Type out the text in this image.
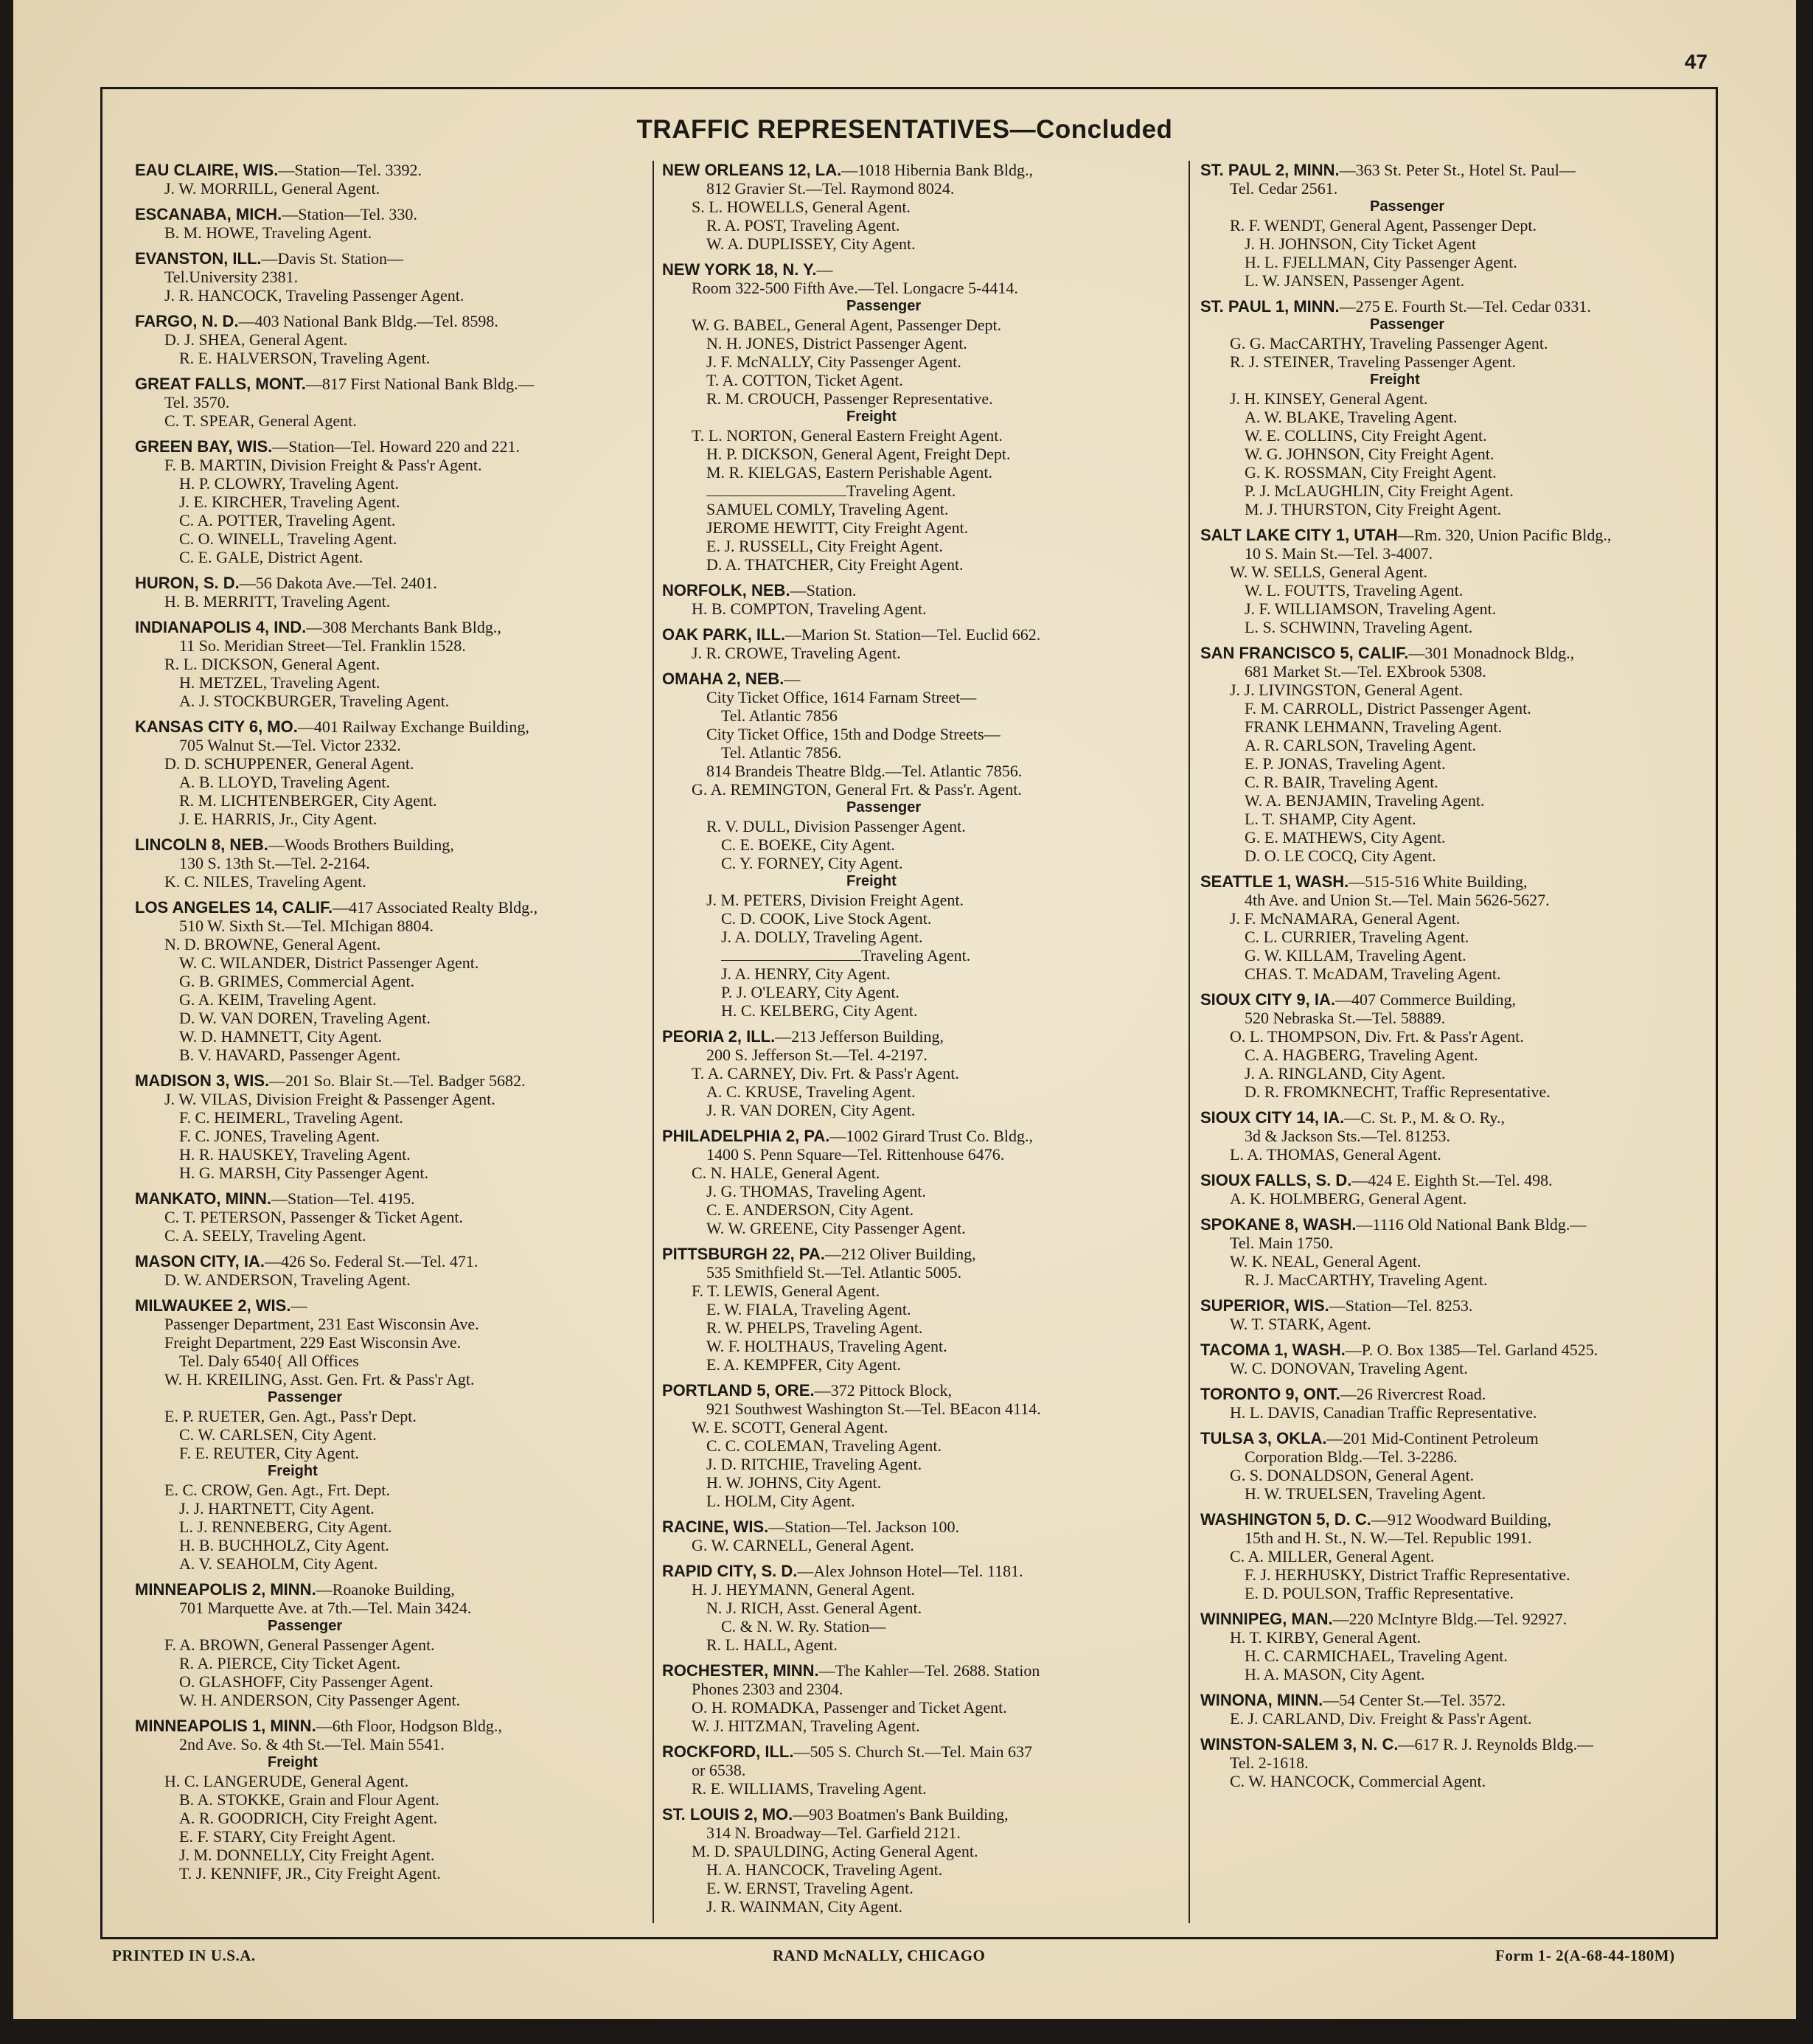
47
TRAFFIC REPRESENTATIVES—Concluded
EAU CLAIRE, WIS.—Station—Tel. 3392.
J. W. MORRILL, General Agent.
ESCANABA, MICH.—Station—Tel. 330.
B. M. HOWE, Traveling Agent.
EVANSTON, ILL.—Davis St. Station—
Tel.University 2381.
J. R. HANCOCK, Traveling Passenger Agent.
FARGO, N. D.—403 National Bank Bldg.—Tel. 8598.
D. J. SHEA, General Agent.
R. E. HALVERSON, Traveling Agent.
GREAT FALLS, MONT.—817 First National Bank Bldg.—
Tel. 3570.
C. T. SPEAR, General Agent.
GREEN BAY, WIS.—Station—Tel. Howard 220 and 221.
F. B. MARTIN, Division Freight & Pass'r Agent.
H. P. CLOWRY, Traveling Agent.
J. E. KIRCHER, Traveling Agent.
C. A. POTTER, Traveling Agent.
C. O. WINELL, Traveling Agent.
C. E. GALE, District Agent.
HURON, S. D.—56 Dakota Ave.—Tel. 2401.
H. B. MERRITT, Traveling Agent.
INDIANAPOLIS 4, IND.—308 Merchants Bank Bldg.,
11 So. Meridian Street—Tel. Franklin 1528.
R. L. DICKSON, General Agent.
H. METZEL, Traveling Agent.
A. J. STOCKBURGER, Traveling Agent.
KANSAS CITY 6, MO.—401 Railway Exchange Building,
705 Walnut St.—Tel. Victor 2332.
D. D. SCHUPPENER, General Agent.
A. B. LLOYD, Traveling Agent.
R. M. LICHTENBERGER, City Agent.
J. E. HARRIS, Jr., City Agent.
LINCOLN 8, NEB.—Woods Brothers Building,
130 S. 13th St.—Tel. 2-2164.
K. C. NILES, Traveling Agent.
LOS ANGELES 14, CALIF.—417 Associated Realty Bldg.,
510 W. Sixth St.—Tel. MIchigan 8804.
N. D. BROWNE, General Agent.
W. C. WILANDER, District Passenger Agent.
G. B. GRIMES, Commercial Agent.
G. A. KEIM, Traveling Agent.
D. W. VAN DOREN, Traveling Agent.
W. D. HAMNETT, City Agent.
B. V. HAVARD, Passenger Agent.
MADISON 3, WIS.—201 So. Blair St.—Tel. Badger 5682.
J. W. VILAS, Division Freight & Passenger Agent.
F. C. HEIMERL, Traveling Agent.
F. C. JONES, Traveling Agent.
H. R. HAUSKEY, Traveling Agent.
H. G. MARSH, City Passenger Agent.
MANKATO, MINN.—Station—Tel. 4195.
C. T. PETERSON, Passenger & Ticket Agent.
C. A. SEELY, Traveling Agent.
MASON CITY, IA.—426 So. Federal St.—Tel. 471.
D. W. ANDERSON, Traveling Agent.
MILWAUKEE 2, WIS.—
Passenger Department, 231 East Wisconsin Ave.
Freight Department, 229 East Wisconsin Ave.
Tel. Daly 6540{ All Offices
W. H. KREILING, Asst. Gen. Frt. & Pass'r Agt.
Passenger
E. P. RUETER, Gen. Agt., Pass'r Dept.
C. W. CARLSEN, City Agent.
F. E. REUTER, City Agent.
Freight
E. C. CROW, Gen. Agt., Frt. Dept.
J. J. HARTNETT, City Agent.
L. J. RENNEBERG, City Agent.
H. B. BUCHHOLZ, City Agent.
A. V. SEAHOLM, City Agent.
MINNEAPOLIS 2, MINN.—Roanoke Building,
701 Marquette Ave. at 7th.—Tel. Main 3424.
Passenger
F. A. BROWN, General Passenger Agent.
R. A. PIERCE, City Ticket Agent.
O. GLASHOFF, City Passenger Agent.
W. H. ANDERSON, City Passenger Agent.
MINNEAPOLIS 1, MINN.—6th Floor, Hodgson Bldg.,
2nd Ave. So. & 4th St.—Tel. Main 5541.
Freight
H. C. LANGERUDE, General Agent.
B. A. STOKKE, Grain and Flour Agent.
A. R. GOODRICH, City Freight Agent.
E. F. STARY, City Freight Agent.
J. M. DONNELLY, City Freight Agent.
T. J. KENNIFF, JR., City Freight Agent.
NEW ORLEANS 12, LA.—1018 Hibernia Bank Bldg.,
812 Gravier St.—Tel. Raymond 8024.
S. L. HOWELLS, General Agent.
R. A. POST, Traveling Agent.
W. A. DUPLISSEY, City Agent.
NEW YORK 18, N. Y.—
Room 322-500 Fifth Ave.—Tel. Longacre 5-4414.
Passenger
W. G. BABEL, General Agent, Passenger Dept.
N. H. JONES, District Passenger Agent.
J. F. McNALLY, City Passenger Agent.
T. A. COTTON, Ticket Agent.
R. M. CROUCH, Passenger Representative.
Freight
T. L. NORTON, General Eastern Freight Agent.
H. P. DICKSON, General Agent, Freight Dept.
M. R. KIELGAS, Eastern Perishable Agent.
Traveling Agent.
SAMUEL COMLY, Traveling Agent.
JEROME HEWITT, City Freight Agent.
E. J. RUSSELL, City Freight Agent.
D. A. THATCHER, City Freight Agent.
NORFOLK, NEB.—Station.
H. B. COMPTON, Traveling Agent.
OAK PARK, ILL.—Marion St. Station—Tel. Euclid 662.
J. R. CROWE, Traveling Agent.
OMAHA 2, NEB.—
City Ticket Office, 1614 Farnam Street—
Tel. Atlantic 7856
City Ticket Office, 15th and Dodge Streets—
Tel. Atlantic 7856.
814 Brandeis Theatre Bldg.—Tel. Atlantic 7856.
G. A. REMINGTON, General Frt. & Pass'r. Agent.
Passenger
R. V. DULL, Division Passenger Agent.
C. E. BOEKE, City Agent.
C. Y. FORNEY, City Agent.
Freight
J. M. PETERS, Division Freight Agent.
C. D. COOK, Live Stock Agent.
J. A. DOLLY, Traveling Agent.
Traveling Agent.
J. A. HENRY, City Agent.
P. J. O'LEARY, City Agent.
H. C. KELBERG, City Agent.
PEORIA 2, ILL.—213 Jefferson Building,
200 S. Jefferson St.—Tel. 4-2197.
T. A. CARNEY, Div. Frt. & Pass'r Agent.
A. C. KRUSE, Traveling Agent.
J. R. VAN DOREN, City Agent.
PHILADELPHIA 2, PA.—1002 Girard Trust Co. Bldg.,
1400 S. Penn Square—Tel. Rittenhouse 6476.
C. N. HALE, General Agent.
J. G. THOMAS, Traveling Agent.
C. E. ANDERSON, City Agent.
W. W. GREENE, City Passenger Agent.
PITTSBURGH 22, PA.—212 Oliver Building,
535 Smithfield St.—Tel. Atlantic 5005.
F. T. LEWIS, General Agent.
E. W. FIALA, Traveling Agent.
R. W. PHELPS, Traveling Agent.
W. F. HOLTHAUS, Traveling Agent.
E. A. KEMPFER, City Agent.
PORTLAND 5, ORE.—372 Pittock Block,
921 Southwest Washington St.—Tel. BEacon 4114.
W. E. SCOTT, General Agent.
C. C. COLEMAN, Traveling Agent.
J. D. RITCHIE, Traveling Agent.
H. W. JOHNS, City Agent.
L. HOLM, City Agent.
RACINE, WIS.—Station—Tel. Jackson 100.
G. W. CARNELL, General Agent.
RAPID CITY, S. D.—Alex Johnson Hotel—Tel. 1181.
H. J. HEYMANN, General Agent.
N. J. RICH, Asst. General Agent.
C. & N. W. Ry. Station—
R. L. HALL, Agent.
ROCHESTER, MINN.—The Kahler—Tel. 2688. Station
Phones 2303 and 2304.
O. H. ROMADKA, Passenger and Ticket Agent.
W. J. HITZMAN, Traveling Agent.
ROCKFORD, ILL.—505 S. Church St.—Tel. Main 637
or 6538.
R. E. WILLIAMS, Traveling Agent.
ST. LOUIS 2, MO.—903 Boatmen's Bank Building,
314 N. Broadway—Tel. Garfield 2121.
M. D. SPAULDING, Acting General Agent.
H. A. HANCOCK, Traveling Agent.
E. W. ERNST, Traveling Agent.
J. R. WAINMAN, City Agent.
ST. PAUL 2, MINN.—363 St. Peter St., Hotel St. Paul—
Tel. Cedar 2561.
Passenger
R. F. WENDT, General Agent, Passenger Dept.
J. H. JOHNSON, City Ticket Agent
H. L. FJELLMAN, City Passenger Agent.
L. W. JANSEN, Passenger Agent.
ST. PAUL 1, MINN.—275 E. Fourth St.—Tel. Cedar 0331.
Passenger
G. G. MacCARTHY, Traveling Passenger Agent.
R. J. STEINER, Traveling Passenger Agent.
Freight
J. H. KINSEY, General Agent.
A. W. BLAKE, Traveling Agent.
W. E. COLLINS, City Freight Agent.
W. G. JOHNSON, City Freight Agent.
G. K. ROSSMAN, City Freight Agent.
P. J. McLAUGHLIN, City Freight Agent.
M. J. THURSTON, City Freight Agent.
SALT LAKE CITY 1, UTAH—Rm. 320, Union Pacific Bldg.,
10 S. Main St.—Tel. 3-4007.
W. W. SELLS, General Agent.
W. L. FOUTTS, Traveling Agent.
J. F. WILLIAMSON, Traveling Agent.
L. S. SCHWINN, Traveling Agent.
SAN FRANCISCO 5, CALIF.—301 Monadnock Bldg.,
681 Market St.—Tel. EXbrook 5308.
J. J. LIVINGSTON, General Agent.
F. M. CARROLL, District Passenger Agent.
FRANK LEHMANN, Traveling Agent.
A. R. CARLSON, Traveling Agent.
E. P. JONAS, Traveling Agent.
C. R. BAIR, Traveling Agent.
W. A. BENJAMIN, Traveling Agent.
L. T. SHAMP, City Agent.
G. E. MATHEWS, City Agent.
D. O. LE COCQ, City Agent.
SEATTLE 1, WASH.—515-516 White Building,
4th Ave. and Union St.—Tel. Main 5626-5627.
J. F. McNAMARA, General Agent.
C. L. CURRIER, Traveling Agent.
G. W. KILLAM, Traveling Agent.
CHAS. T. McADAM, Traveling Agent.
SIOUX CITY 9, IA.—407 Commerce Building,
520 Nebraska St.—Tel. 58889.
O. L. THOMPSON, Div. Frt. & Pass'r Agent.
C. A. HAGBERG, Traveling Agent.
J. A. RINGLAND, City Agent.
D. R. FROMKNECHT, Traffic Representative.
SIOUX CITY 14, IA.—C. St. P., M. & O. Ry.,
3d & Jackson Sts.—Tel. 81253.
L. A. THOMAS, General Agent.
SIOUX FALLS, S. D.—424 E. Eighth St.—Tel. 498.
A. K. HOLMBERG, General Agent.
SPOKANE 8, WASH.—1116 Old National Bank Bldg.—
Tel. Main 1750.
W. K. NEAL, General Agent.
R. J. MacCARTHY, Traveling Agent.
SUPERIOR, WIS.—Station—Tel. 8253.
W. T. STARK, Agent.
TACOMA 1, WASH.—P. O. Box 1385—Tel. Garland 4525.
W. C. DONOVAN, Traveling Agent.
TORONTO 9, ONT.—26 Rivercrest Road.
H. L. DAVIS, Canadian Traffic Representative.
TULSA 3, OKLA.—201 Mid-Continent Petroleum
Corporation Bldg.—Tel. 3-2286.
G. S. DONALDSON, General Agent.
H. W. TRUELSEN, Traveling Agent.
WASHINGTON 5, D. C.—912 Woodward Building,
15th and H. St., N. W.—Tel. Republic 1991.
C. A. MILLER, General Agent.
F. J. HERHUSKY, District Traffic Representative.
E. D. POULSON, Traffic Representative.
WINNIPEG, MAN.—220 McIntyre Bldg.—Tel. 92927.
H. T. KIRBY, General Agent.
H. C. CARMICHAEL, Traveling Agent.
H. A. MASON, City Agent.
WINONA, MINN.—54 Center St.—Tel. 3572.
E. J. CARLAND, Div. Freight & Pass'r Agent.
WINSTON-SALEM 3, N. C.—617 R. J. Reynolds Bldg.—
Tel. 2-1618.
C. W. HANCOCK, Commercial Agent.
PRINTED IN U.S.A.	RAND McNALLY, CHICAGO	Form 1- 2(A-68-44-180M)
